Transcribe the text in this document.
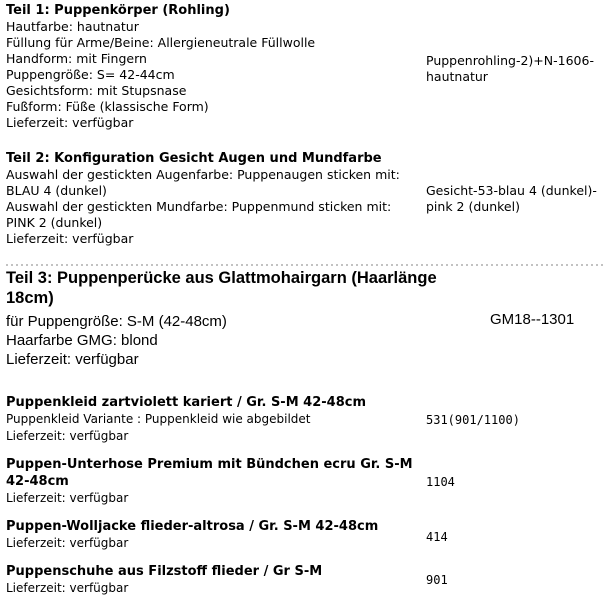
Teil 1: Puppenkörper (Rohling)
Hautfarbe: hautnatur
Füllung für Arme/Beine: Allergieneutrale Füllwolle
Handform: mit Fingern
Puppengröße: S= 42-44cm
Gesichtsform: mit Stupsnase
Fußform: Füße (klassische Form)
Lieferzeit: verfügbar
Puppenrohling-2)+N-1606-
hautnatur
Teil 2: Konfiguration Gesicht Augen und Mundfarbe
Auswahl der gestickten Augenfarbe: Puppenaugen sticken mit:
BLAU 4 (dunkel)
Auswahl der gestickten Mundfarbe: Puppenmund sticken mit:
PINK 2 (dunkel)
Lieferzeit: verfügbar
Gesicht-53-blau 4 (dunkel)-
pink 2 (dunkel)
Teil 3: Puppenperücke aus Glattmohairgarn (Haarlänge 18cm)
für Puppengröße: S-M (42-48cm)
Haarfarbe GMG: blond
Lieferzeit: verfügbar
GM18--1301
Puppenkleid zartviolett kariert / Gr. S-M 42-48cm
Puppenkleid Variante : Puppenkleid wie abgebildet
Lieferzeit: verfügbar
531(901/1100)
Puppen-Unterhose Premium mit Bündchen ecru Gr. S-M
42-48cm
Lieferzeit: verfügbar
1104
Puppen-Wolljacke flieder-altrosa / Gr. S-M 42-48cm
Lieferzeit: verfügbar	414
Puppenschuhe aus Filzstoff flieder / Gr S-M
Lieferzeit: verfügbar
901
